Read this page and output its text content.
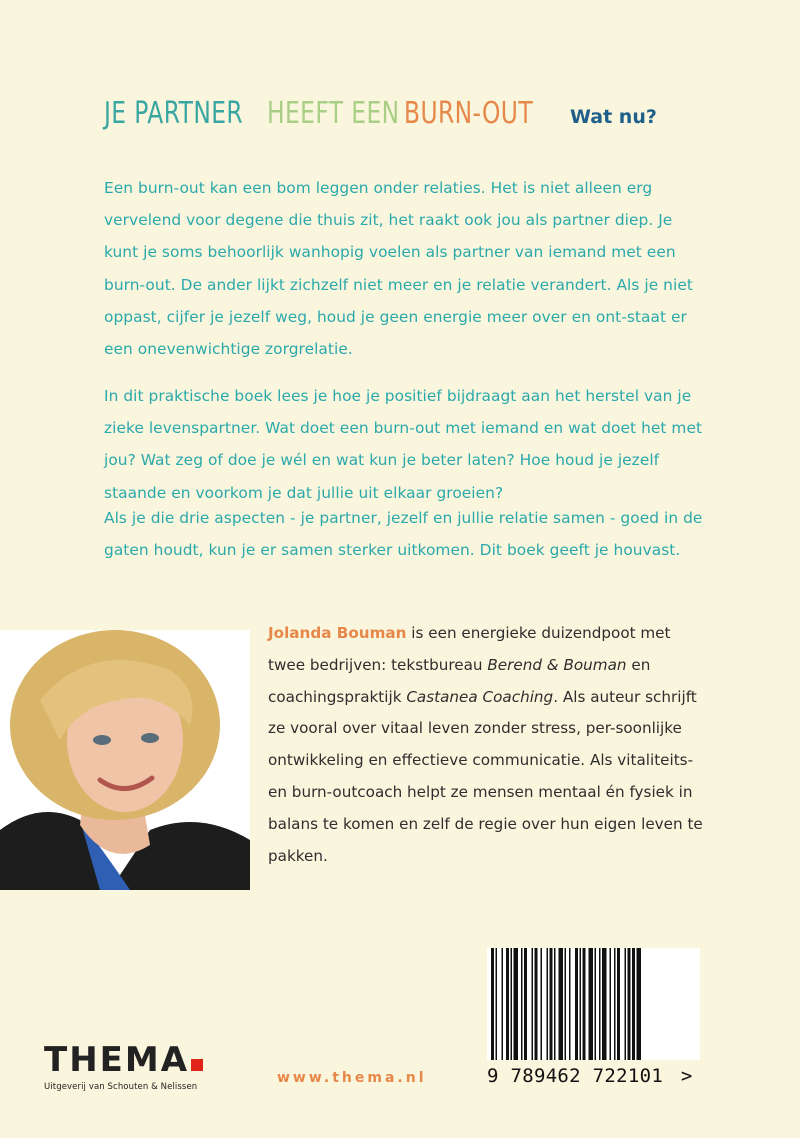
JE PARTNER HEEFT EEN BURN-OUT	Wat nu?

Een burn-out kan een bom leggen onder relaties. Het is niet alleen erg vervelend voor degene die thuis zit, het raakt ook jou als partner diep. Je kunt je soms behoorlijk wanhopig voelen als partner van iemand met een burn-out. De ander lijkt zichzelf niet meer en je relatie verandert. Als je niet oppast, cijfer je jezelf weg, houd je geen energie meer over en ont-staat er een onevenwichtige zorgrelatie.

In dit praktische boek lees je hoe je positief bijdraagt aan het herstel van je zieke levenspartner. Wat doet een burn-out met iemand en wat doet het met jou? Wat zeg of doe je wél en wat kun je beter laten? Hoe houd je jezelf staande en voorkom je dat jullie uit elkaar groeien?

Als je die drie aspecten - je partner, jezelf en jullie relatie samen - goed in de gaten houdt, kun je er samen sterker uitkomen. Dit boek geeft je houvast.

Jolanda Bouman is een energieke duizendpoot met twee bedrijven: tekstbureau Berend & Bouman en coachingspraktijk Castanea Coaching. Als auteur schrijft ze vooral over vitaal leven zonder stress, per-soonlijke ontwikkeling en effectieve communicatie. Als vitaliteits- en burn-outcoach helpt ze mensen mentaal én fysiek in balans te komen en zelf de regie over hun eigen leven te pakken.

THEMA
Uitgeverij van Schouten & Nelissen
www.thema.nl	9 789462 722101 >
